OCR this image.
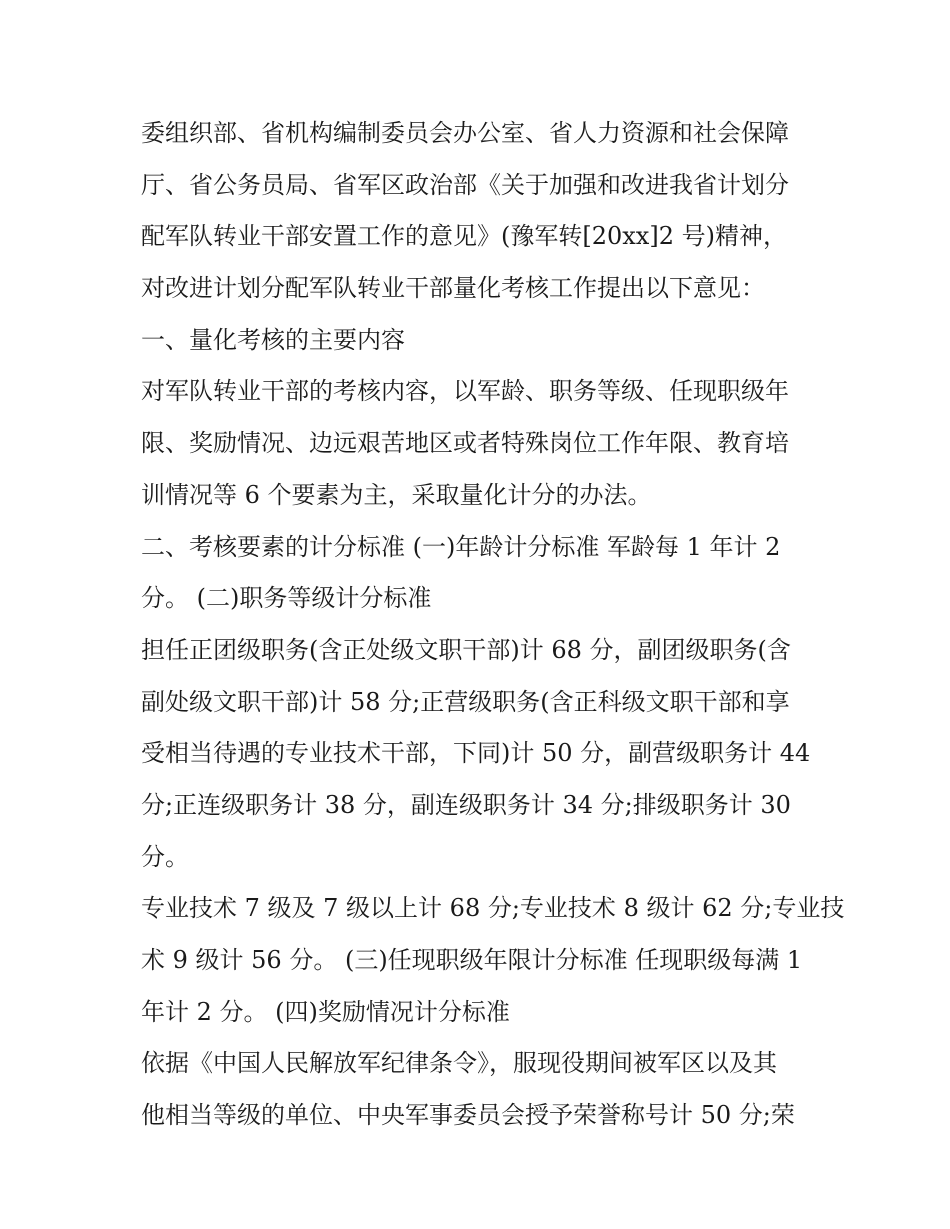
委组织部、省机构编制委员会办公室、省人力资源和社会保障
厅、省公务员局、省军区政治部《关于加强和改进我省计划分
配军队转业干部安置工作的意见》(豫军转[20xx]2 号)精神，
对改进计划分配军队转业干部量化考核工作提出以下意见：
一、量化考核的主要内容
对军队转业干部的考核内容，以军龄、职务等级、任现职级年
限、奖励情况、边远艰苦地区或者特殊岗位工作年限、教育培
训情况等 6 个要素为主，采取量化计分的办法。
二、考核要素的计分标准 (一)年龄计分标准 军龄每 1 年计 2
分。 (二)职务等级计分标准
担任正团级职务(含正处级文职干部)计 68 分，副团级职务(含
副处级文职干部)计 58 分;正营级职务(含正科级文职干部和享
受相当待遇的专业技术干部，下同)计 50 分，副营级职务计 44
分;正连级职务计 38 分，副连级职务计 34 分;排级职务计 30
分。
专业技术 7 级及 7 级以上计 68 分;专业技术 8 级计 62 分;专业技
术 9 级计 56 分。 (三)任现职级年限计分标准 任现职级每满 1
年计 2 分。 (四)奖励情况计分标准
依据《中国人民解放军纪律条令》，服现役期间被军区以及其
他相当等级的单位、中央军事委员会授予荣誉称号计 50 分;荣
